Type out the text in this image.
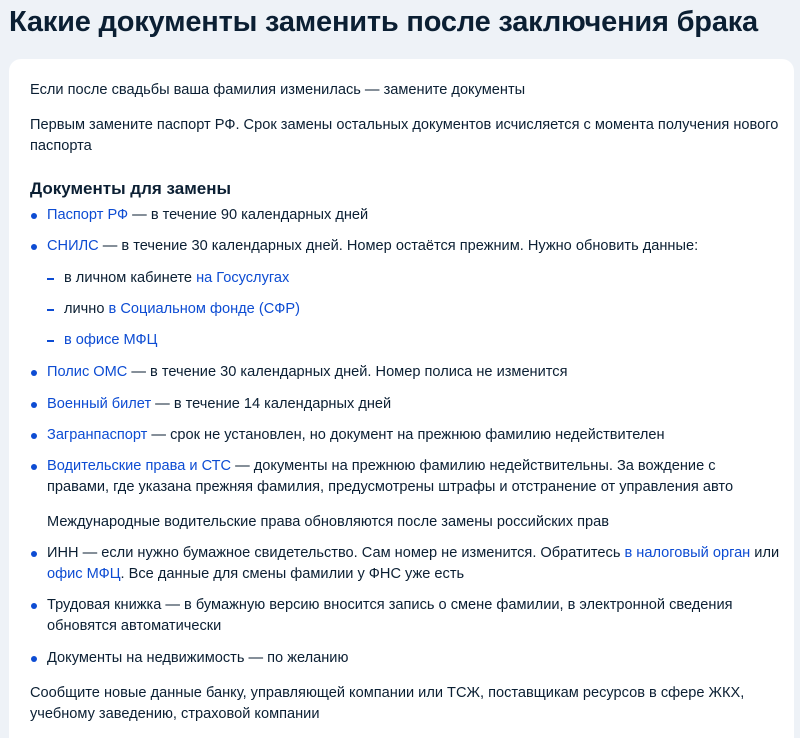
Какие документы заменить после заключения брака

Если после свадьбы ваша фамилия изменилась — замените документы

Первым замените паспорт РФ. Срок замены остальных документов исчисляется с момента получения нового паспорта

Документы для замены
Паспорт РФ — в течение 90 календарных дней
СНИЛС — в течение 30 календарных дней. Номер остаётся прежним. Нужно обновить данные:
в личном кабинете на Госуслугах
лично в Социальном фонде (СФР)
в офисе МФЦ
Полис ОМС — в течение 30 календарных дней. Номер полиса не изменится
Военный билет — в течение 14 календарных дней
Загранпаспорт — срок не установлен, но документ на прежнюю фамилию недействителен
Водительские права и СТС — документы на прежнюю фамилию недействительны. За вождение с правами, где указана прежняя фамилия, предусмотрены штрафы и отстранение от управления авто
Международные водительские права обновляются после замены российских прав
ИНН — если нужно бумажное свидетельство. Сам номер не изменится. Обратитесь в налоговый орган или офис МФЦ. Все данные для смены фамилии у ФНС уже есть
Трудовая книжка — в бумажную версию вносится запись о смене фамилии, в электронной сведения обновятся автоматически
Документы на недвижимость — по желанию

Сообщите новые данные банку, управляющей компании или ТСЖ, поставщикам ресурсов в сфере ЖКХ, учебному заведению, страховой компании
